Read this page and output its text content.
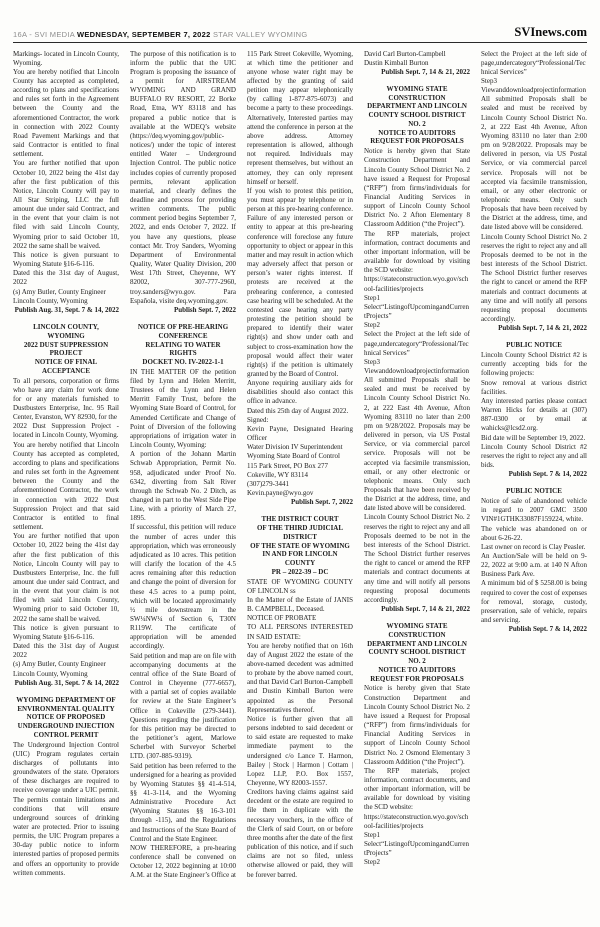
16A - SVI MEDIA WEDNESDAY, SEPTEMBER 7, 2022 STAR VALLEY WYOMING	SVInews.com

Markings- located in Lincoln County, Wyoming.

You are hereby notified that Lincoln County has accepted as completed, according to plans and specifications and rules set forth in the Agreement between the County and the aforementioned Contractor, the work in connection with 2022 County Road Pavement Markings and that said Contractor is entitled to final settlement.

You are further notified that upon October 10, 2022 being the 41st day after the first publication of this Notice, Lincoln County will pay to All Star Striping, LLC the full amount due under said Contract, and in the event that your claim is not filed with said Lincoln County, Wyoming prior to said October 10, 2022 the same shall be waived.

This notice is given pursuant to Wyoming Statute §16-6-116.

Dated this the 31st day of August, 2022

(s) Amy Butler, County Engineer

Lincoln County, Wyoming

Publish Aug. 31, Sept. 7 & 14, 2022

LINCOLN COUNTY,
WYOMING
2022 DUST SUPPRESSION
PROJECT
NOTICE OF FINAL
ACCEPTANCE

To all persons, corporation or firms who have any claim for work done for or any materials furnished to Dustbusters Enterprise, Inc. 95 Rail Center, Evanston, WY 82930, for the

2022 Dust Suppression Project - located in Lincoln County, Wyoming.

You are hereby notified that Lincoln County has accepted as completed, according to plans and specifications and rules set forth in the Agreement between the County and the aforementioned Contractor, the work in connection with 2022 Dust Suppression Project and that said Contractor is entitled to final settlement.

You are further notified that upon October 10, 2022 being the 41st day after the first publication of this Notice, Lincoln County will pay to Dustbusters Enterprise, Inc. the full amount due under said Contract, and in the event that your claim is not filed with said Lincoln County, Wyoming prior to said October 10, 2022 the same shall be waived.

This notice is given pursuant to Wyoming Statute §16-6-116.

Dated this the 31st day of August 2022

(s) Amy Butler, County Engineer

Lincoln County, Wyoming

Publish Aug. 31, Sept. 7 & 14, 2022

WYOMING DEPARTMENT OF
ENVIRONMENTAL QUALITY
NOTICE OF PROPOSED
UNDERGROUND INJECTION
CONTROL PERMIT

The Underground Injection Control (UIC) Program regulates certain discharges of pollutants into groundwaters of the state. Operators of these discharges are required to receive coverage under a UIC permit. The permits contain limitations and conditions that will ensure underground sources of drinking water are protected. Prior to issuing permits, the UIC Program prepares a 30-day public notice to inform interested parties of proposed permits and offers an opportunity to provide written comments.

The purpose of this notification is to inform the public that the UIC Program is proposing the issuance of a permit for AIRSTREAM WYOMING AND GRAND BUFFALO RV RESORT, 22 Borke Road, Etna, WY 83118 and has prepared a public notice that is available at the WDEQ’s website (https://deq.wyoming.gov/public-notices/) under the topic of interest entitled Water – Underground Injection Control. The public notice includes copies of currently proposed permits, relevant application material, and clearly defines the deadline and process for providing written comments. The public comment period begins September 7, 2022, and ends October 7, 2022. If you have any questions, please contact Mr. Troy Sanders, Wyoming Department of Environmental Quality, Water Quality Division, 200 West 17th Street, Cheyenne, WY 82002, 307-777-2960, troy.sanders@wyo.gov. Para Española, visite deq.wyoming.gov.

Publish Sept. 7, 2022

NOTICE OF PRE-HEARING
CONFERENCE
RELATING TO WATER
RIGHTS
DOCKET NO. IV-2022-1-1

IN THE MATTER OF the petition filed by Lynn and Helen Merritt, Trustees of the Lynn and Helen Merritt Family Trust, before the Wyoming State Board of Control, for Amended Certificate and Change of Point of Diversion of the following appropriations of irrigation water in Lincoln County, Wyoming:

A portion of the Johann Martin Schwab Appropriation, Permit No. 958, adjudicated under Proof No. 6342, diverting from Salt River through the Schwab No. 2 Ditch, as changed in part to the West Side Pipe Line, with a priority of March 27, 1895.

If successful, this petition will reduce the number of acres under this appropriation, which was erroneously adjudicated as 10 acres. This petition will clarify the location of the 4.5 acres remaining after this reduction and change the point of diversion for these 4.5 acres to a pump point, which will be located approximately ½ mile downstream in the SW¼NW¼ of Section 6, T30N R119W. The certificate of appropriation will be amended accordingly.

Said petition and map are on file with accompanying documents at the central office of the State Board of Control in Cheyenne (777-6657), with a partial set of copies available for review at the State Engineer’s Office in Cokeville (279-3441). Questions regarding the justification for this petition may be directed to the petitioner’s agent, Marlowe Scherbel with Surveyor Scherbel LTD. (307-885-9319).

Said petition has been referred to the undersigned for a hearing as provided by Wyoming Statutes §§ 41-4-514, §§ 41-3-114, and the Wyoming Administrative Procedure Act (Wyoming Statutes §§ 16-3-101 through -115), and the Regulations and Instructions of the State Board of Control and the State Engineer.

NOW THEREFORE, a pre-hearing conference shall be convened on October 12, 2022 beginning at 10:00 A.M. at the State Engineer’s Office at 115 Park Street Cokeville, Wyoming, at which time the petitioner and anyone whose water right may be affected by the granting of said petition may appear telephonically (by calling 1-877-875-6073) and become a party to these proceedings. Alternatively, Interested parties may attend the conference in person at the above address. Attorney representation is allowed, although not required. Individuals may represent themselves, but without an attorney, they can only represent himself or herself.

If you wish to protest this petition, you must appear by telephone or in person at this pre-hearing conference. Failure of any interested person or entity to appear at this pre-hearing conference will foreclose any future opportunity to object or appear in this matter and may result in action which may adversely affect that person or person’s water rights interest. If protests are received at the prehearing conference, a contested case hearing will be scheduled. At the contested case hearing any party protesting the petition should be prepared to identify their water right(s) and show under oath and subject to cross-examination how the proposal would affect their water right(s) if the petition is ultimately granted by the Board of Control.

Anyone requiring auxiliary aids for disabilities should also contact this office in advance.

Dated this 25th day of August 2022.

Signed:

Kevin Payne, Designated Hearing Officer

Water Division IV Superintendent

Wyoming State Board of Control

115 Park Street, PO Box 277

Cokeville, WY 83114

(307)279-3441

Kevin.payne@wyo.gov

Publish Sept. 7, 2022

THE DISTRICT COURT
OF THE THIRD JUDICIAL
DISTRICT
OF THE STATE OF WYOMING
IN AND FOR LINCOLN
COUNTY
PR – 2022-39 – DC

STATE OF WYOMING COUNTY OF LINCOLN ss

In the Matter of the Estate of JANIS B. CAMPBELL, Deceased.

NOTICE OF PROBATE

TO ALL PERSONS INTERESTED IN SAID ESTATE:

You are hereby notified that on 16th day of August 2022 the estate of the above-named decedent was admitted to probate by the above named court, and that David Carl Burton-Campbell and Dustin Kimball Burton were appointed as the Personal Representatives thereof.

Notice is further given that all persons indebted to said decedent or to said estate are requested to make immediate payment to the undersigned c/o Lance T. Harmon, Bailey | Stock | Harmon | Cottam | Lopez LLP, P.O. Box 1557, Cheyenne, WY 82003-1557.

Creditors having claims against said decedent or the estate are required to file them in duplicate with the necessary vouchers, in the office of the Clerk of said Court, on or before three months after the date of the first publication of this notice, and if such claims are not so filed, unless otherwise allowed or paid, they will be forever barred.

David Carl Burton-Campbell

Dustin Kimball Burton

Publish Sept. 7, 14 & 21, 2022

WYOMING STATE
CONSTRUCTION
DEPARTMENT AND LINCOLN
COUNTY SCHOOL DISTRICT
NO. 2
NOTICE TO AUDITORS
REQUEST FOR PROPOSALS

Notice is hereby given that State Construction Department and Lincoln County School District No. 2 have issued a Request for Proposal (“RFP”) from firms/individuals for Financial Auditing Services in support of Lincoln County School District No. 2 Afton Elementary 8 Classroom Addition (“the Project”).

The RFP materials, project information, contract documents and other important information, will be available for download by visiting the SCD website:

https://stateconstruction.wyo.gov/school-facilities/projects

Step1

Select“ListingofUpcomingandCurrentProjects”

Step2

Select the Project at the left side of page,undercategory“Professional/Technical Services”

Step3

Viewanddownloadprojectinformation

All submitted Proposals shall be sealed and must be received by Lincoln County School District No. 2, at 222 East 4th Avenue, Afton Wyoming 83110 no later than 2:00 pm on 9/28/2022. Proposals may be delivered in person, via US Postal Service, or via commercial parcel service. Proposals will not be accepted via facsimile transmission, email, or any other electronic or telephonic means. Only such Proposals that have been received by the District at the address, time, and date listed above will be considered.

Lincoln County School District No. 2 reserves the right to reject any and all Proposals deemed to be not in the best interests of the School District. The School District further reserves the right to cancel or amend the RFP materials and contract documents at any time and will notify all persons requesting proposal documents accordingly.

Publish Sept. 7, 14 & 21, 2022

WYOMING STATE
CONSTRUCTION
DEPARTMENT AND LINCOLN
COUNTY SCHOOL DISTRICT
NO. 2
NOTICE TO AUDITORS
REQUEST FOR PROPOSALS

Notice is hereby given that State Construction Department and Lincoln County School District No. 2 have issued a Request for Proposal (“RFP”) from firms/individuals for Financial Auditing Services in support of Lincoln County School District No. 2 Osmond Elementary 3 Classroom Addition (“the Project”).

The RFP materials, project information, contract documents, and other important information, will be available for download by visiting the SCD website:

https://stateconstruction.wyo.gov/school-facilities/projects

Step1

Select“ListingofUpcomingandCurrentProjects”

Step2

Select the Project at the left side of page,undercategory“Professional/Technical Services”

Step3

Viewanddownloadprojectinformation

All submitted Proposals shall be sealed and must be received by Lincoln County School District No. 2, at 222 East 4th Avenue, Afton Wyoming 83110 no later than 2:00 pm on 9/28/2022. Proposals may be delivered in person, via US Postal Service, or via commercial parcel service. Proposals will not be accepted via facsimile transmission, email, or any other electronic or telephonic means. Only such Proposals that have been received by the District at the address, time, and date listed above will be considered.

Lincoln County School District No. 2 reserves the right to reject any and all Proposals deemed to be not in the best interests of the School District. The School District further reserves the right to cancel or amend the RFP materials and contract documents at any time and will notify all persons requesting proposal documents accordingly.

Publish Sept. 7, 14 & 21, 2022

PUBLIC NOTICE

Lincoln County School District #2 is currently accepting bids for the following projects:

Snow removal at various district facilities.

Any interested parties please contact Warren Hicks for details at (307) 887-0300 or by email at wahicks@lcsd2.org.

Bid date will be September 19, 2022.

Lincoln County School District #2 reserves the right to reject any and all bids.

Publish Sept. 7 & 14, 2022

PUBLIC NOTICE

Notice of sale of abandoned vehicle in regard to 2007 GMC 3500 VIN#1GTHK33087F159224, white.

The vehicle was abandoned on or about 6-26-22.

Last owner on record is Clay Peasler.

An Auction/Sale will be held on 9-22, 2022 at 9:00 a.m. at 140 N Afton Business Park Ave.

A minimum bid of $ 5258.00 is being required to cover the cost of expenses for removal, storage, custody, preservation, sale of vehicle, repairs and servicing.

Publish Sept. 7 & 14, 2022
